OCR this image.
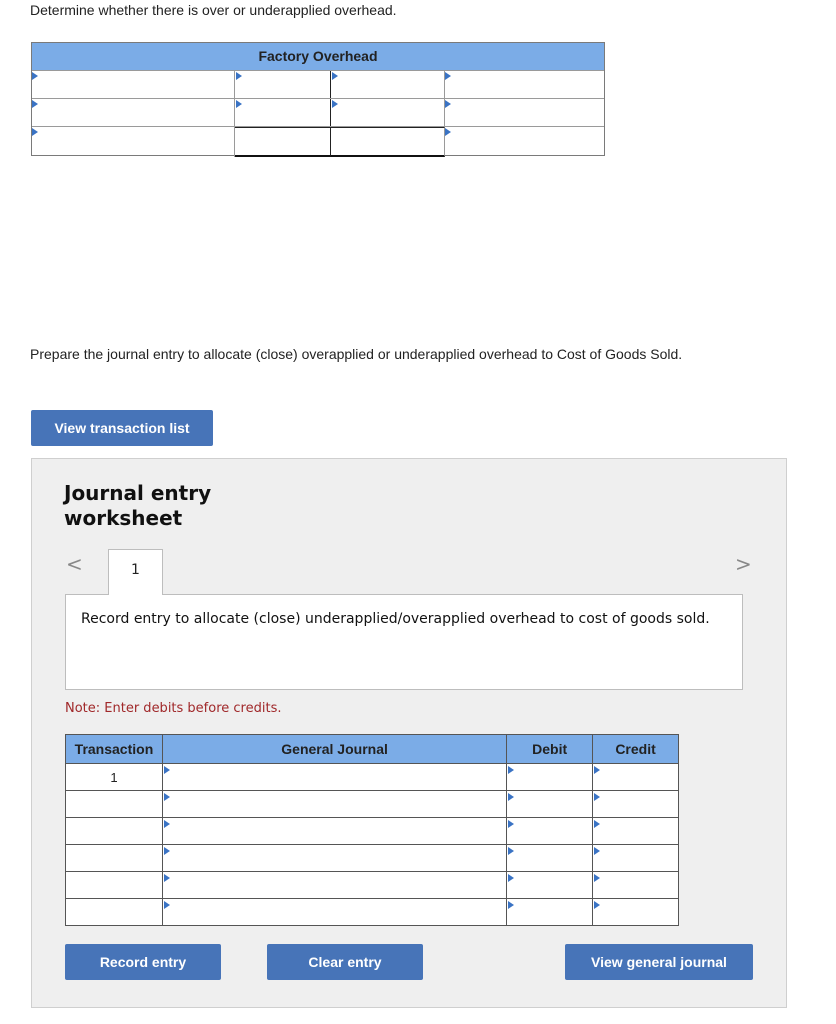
Determine whether there is over or underapplied overhead.
Factory Overhead
Prepare the journal entry to allocate (close) overapplied or underapplied overhead to Cost of Goods Sold.
View transaction list
Journal entry
worksheet
<	>
Record entry to allocate (close) underapplied/overapplied overhead to cost of goods sold.
1
Note: Enter debits before credits.
Transaction	General Journal	Debit	Credit
1	

Record entry	Clear entry	View general journal
